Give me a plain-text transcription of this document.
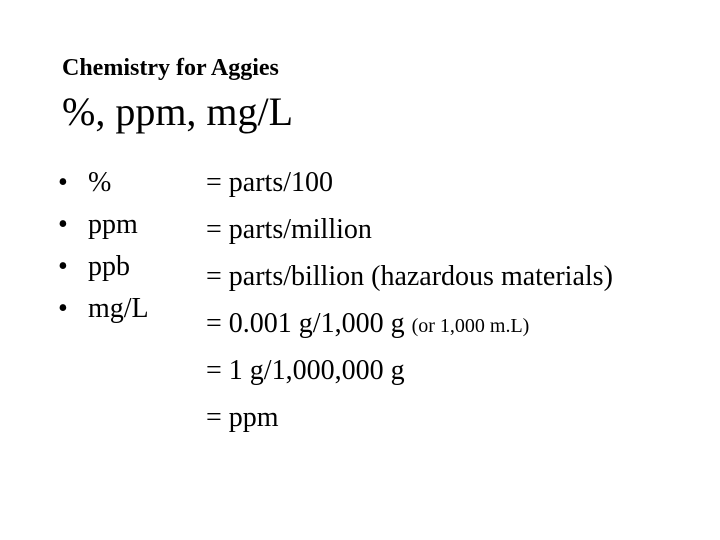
Chemistry for Aggies
%, ppm, mg/L
• %
• ppm
• ppb
• mg/L
= parts/100
= parts/million
= parts/billion (hazardous materials)
= 0.001 g/1,000 g (or 1,000 m.L)
= 1 g/1,000,000 g
= ppm
